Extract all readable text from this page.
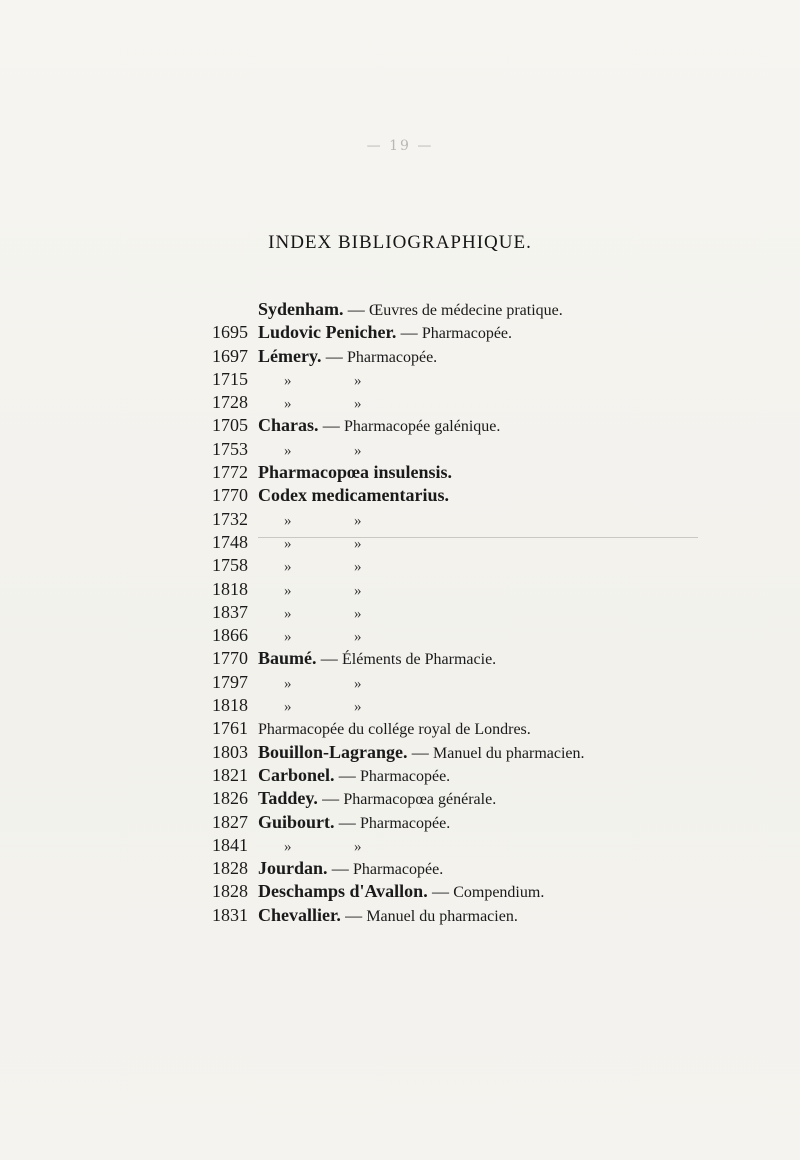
— 19 —
INDEX BIBLIOGRAPHIQUE.
Sydenham. — Œuvres de médecine pratique.
1695 Ludovic Penicher. — Pharmacopée.
1697 Lémery. — Pharmacopée.
1715 »	»
1728 »	»
1705 Charas. — Pharmacopée galénique.
1753 »	»
1772 Pharmacopœa insulensis.
1770 Codex medicamentarius.
1732 »	»
1748 »	»
1758 »	»
1818 »	»
1837 »	»
1866 »	»
1770 Baumé. — Éléments de Pharmacie.
1797 »	»
1818 »	»
1761 Pharmacopée du collége royal de Londres.
1803 Bouillon-Lagrange. — Manuel du pharmacien.
1821 Carbonel. — Pharmacopée.
1826 Taddey. — Pharmacopœa générale.
1827 Guibourt. — Pharmacopée.
1841 »	»
1828 Jourdan. — Pharmacopée.
1828 Deschamps d'Avallon. — Compendium.
1831 Chevallier. — Manuel du pharmacien.
